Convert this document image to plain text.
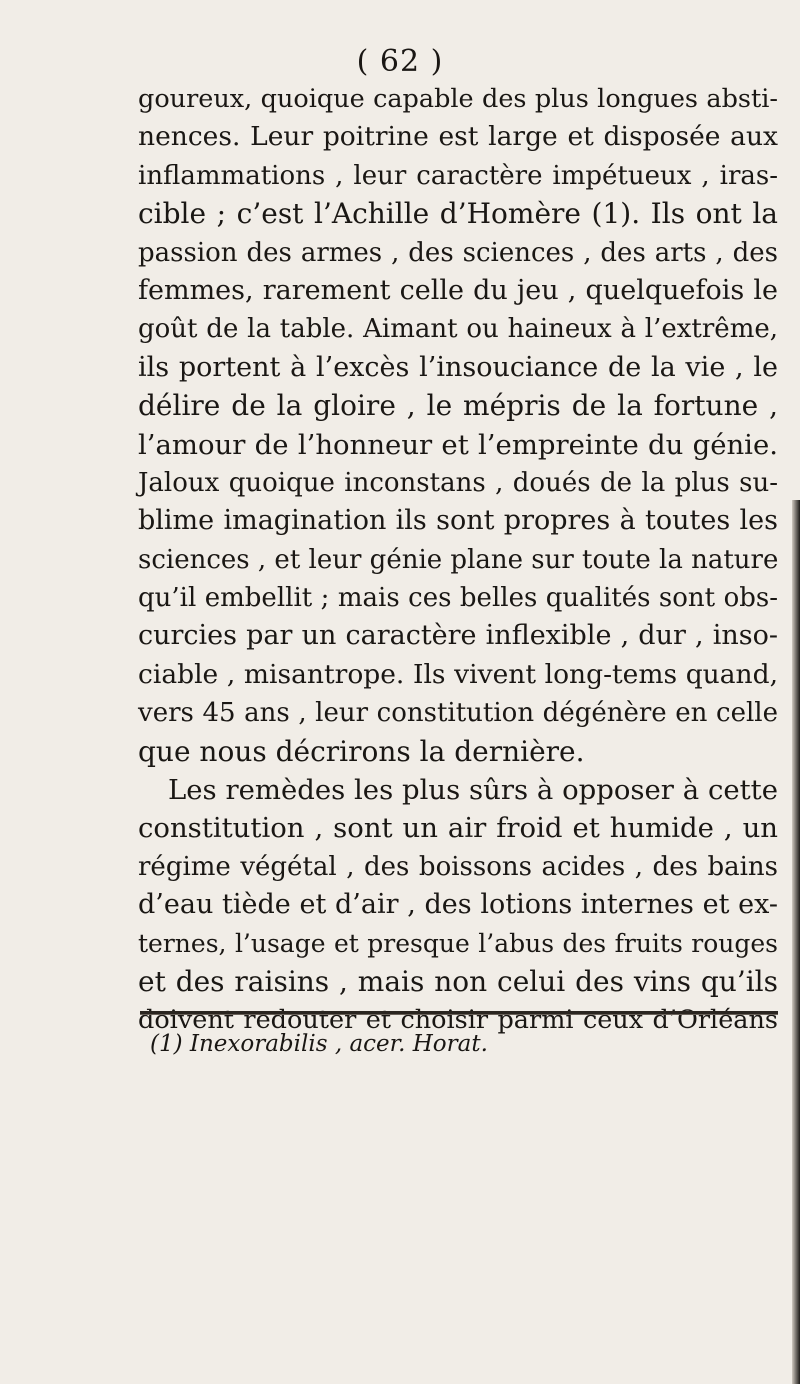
( 62 )
goureux, quoique capable des plus longues absti-
nences. Leur poitrine est large et disposée aux
inflammations , leur caractère impétueux , iras-
cible ; c’est l’Achille d’Homère (1). Ils ont la
passion des armes , des sciences , des arts , des
femmes, rarement celle du jeu , quelquefois le
goût de la table. Aimant ou haineux à l’extrême,
ils portent à l’excès l’insouciance de la vie , le
délire de la gloire , le mépris de la fortune ,
l’amour de l’honneur et l’empreinte du génie.
Jaloux quoique inconstans , doués de la plus su-
blime imagination ils sont propres à toutes les
sciences , et leur génie plane sur toute la nature
qu’il embellit ; mais ces belles qualités sont obs-
curcies par un caractère inflexible , dur , inso-
ciable , misantrope. Ils vivent long-tems quand,
vers 45 ans , leur constitution dégénère en celle
que nous décrirons la dernière.
Les remèdes les plus sûrs à opposer à cette
constitution , sont un air froid et humide , un
régime végétal , des boissons acides , des bains
d’eau tiède et d’air , des lotions internes et ex-
ternes, l’usage et presque l’abus des fruits rouges
et des raisins , mais non celui des vins qu’ils
doivent redouter et choisir parmi ceux d’Orléans
(1) Inexorabilis , acer. Horat.
